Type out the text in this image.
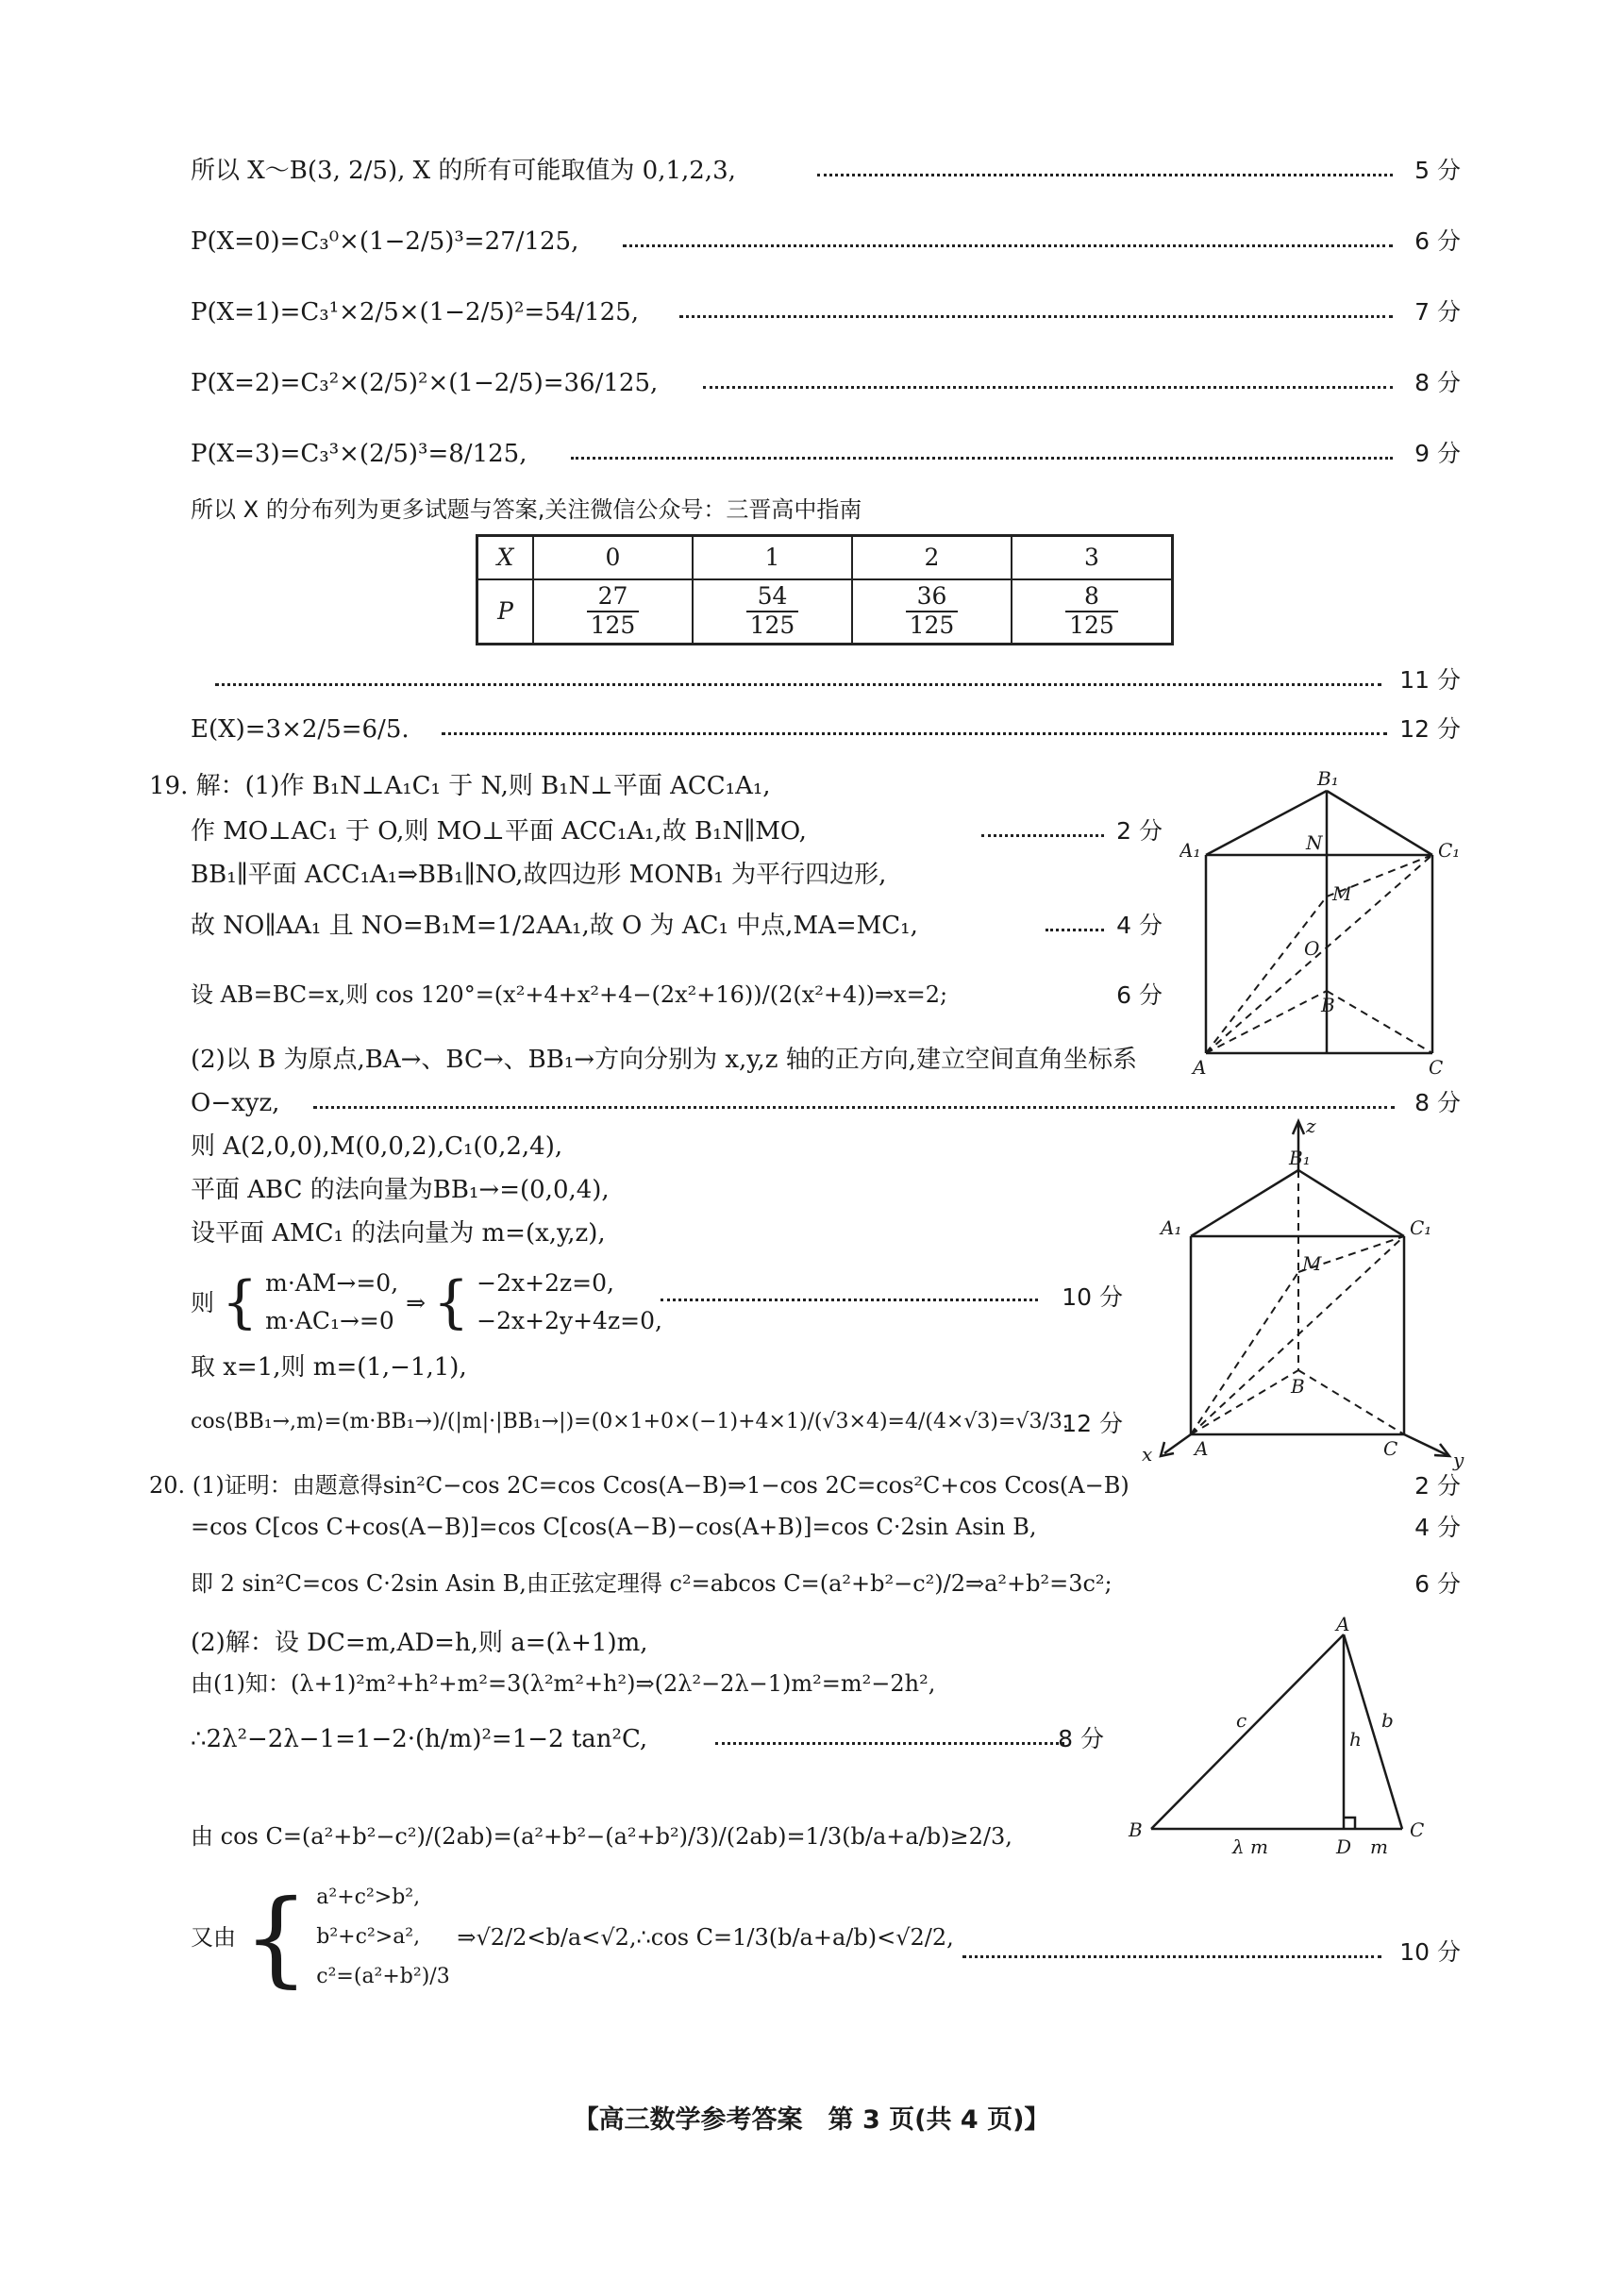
所以 X～B(3, 2/5), X 的所有可能取值为 0,1,2,3,	5 分
P(X=0)=C₃⁰×(1−2/5)³=27/125,	6 分
P(X=1)=C₃¹×2/5×(1−2/5)²=54/125,	7 分
P(X=2)=C₃²×(2/5)²×(1−2/5)=36/125,	8 分
P(X=3)=C₃³×(2/5)³=8/125,	9 分
所以 X 的分布列为更多试题与答案,关注微信公众号：三晋高中指南
X	0	1	2	3
P	$\frac{27}{125}$	$\frac{54}{125}$	$\frac{36}{125}$	$\frac{8}{125}$
11 分
E(X)=3×2/5=6/5.	12 分
19. 解：(1)作 B₁N⊥A₁C₁ 于 N,则 B₁N⊥平面 ACC₁A₁,
作 MO⊥AC₁ 于 O,则 MO⊥平面 ACC₁A₁,故 B₁N∥MO,	2 分
BB₁∥平面 ACC₁A₁⇒BB₁∥NO,故四边形 MONB₁ 为平行四边形,
故 NO∥AA₁ 且 NO=B₁M=1/2AA₁,故 O 为 AC₁ 中点,MA=MC₁,	4 分
设 AB=BC=x,则 cos 120°=(x²+4+x²+4−(2x²+16))/(2(x²+4))⇒x=2;	6 分
(2)以 B 为原点,BA→、BC→、BB₁→方向分别为 x,y,z 轴的正方向,建立空间直角坐标系
O−xyz,	8 分
则 A(2,0,0),M(0,0,2),C₁(0,2,4),
平面 ABC 的法向量为BB₁→=(0,0,4),
设平面 AMC₁ 的法向量为 m=(x,y,z),
则 { m·AM→=0,
m·AC₁→=0
⇒ { −2x+2z=0,
−2x+2y+4z=0,
10 分
取 x=1,则 m=(1,−1,1),
cos⟨BB₁→,m⟩=(m·BB₁→)/(|m|·|BB₁→|)=(0×1+0×(−1)+4×1)/(√3×4)=4/(4×√3)=√3/3.
12 分
20. (1)证明：由题意得sin²C−cos 2C=cos Ccos(A−B)⇒1−cos 2C=cos²C+cos Ccos(A−B)	2 分
=cos C[cos C+cos(A−B)]=cos C[cos(A−B)−cos(A+B)]=cos C·2sin Asin B,	4 分
即 2 sin²C=cos C·2sin Asin B,由正弦定理得 c²=abcos C=(a²+b²−c²)/2⇒a²+b²=3c²;	6 分
(2)解：设 DC=m,AD=h,则 a=(λ+1)m,
由(1)知：(λ+1)²m²+h²+m²=3(λ²m²+h²)⇒(2λ²−2λ−1)m²=m²−2h²,
∴2λ²−2λ−1=1−2·(h/m)²=1−2 tan²C,	8 分
由 cos C=(a²+b²−c²)/(2ab)=(a²+b²−(a²+b²)/3)/(2ab)=1/3(b/a+a/b)≥2/3,
又由 { a²+c²>b²,
b²+c²>a²,
c²=(a²+b²)/3
⇒√2/2<b/a<√2,∴cos C=1/3(b/a+a/b)<√2/2,
10 分
B₁
N
A₁	C₁
M
O
B
A	C
z
B₁
A₁	C₁
M
B
x A	C	y
A
c	b
h
B
λ m	D m
C
【高三数学参考答案　第 3 页(共 4 页)】
